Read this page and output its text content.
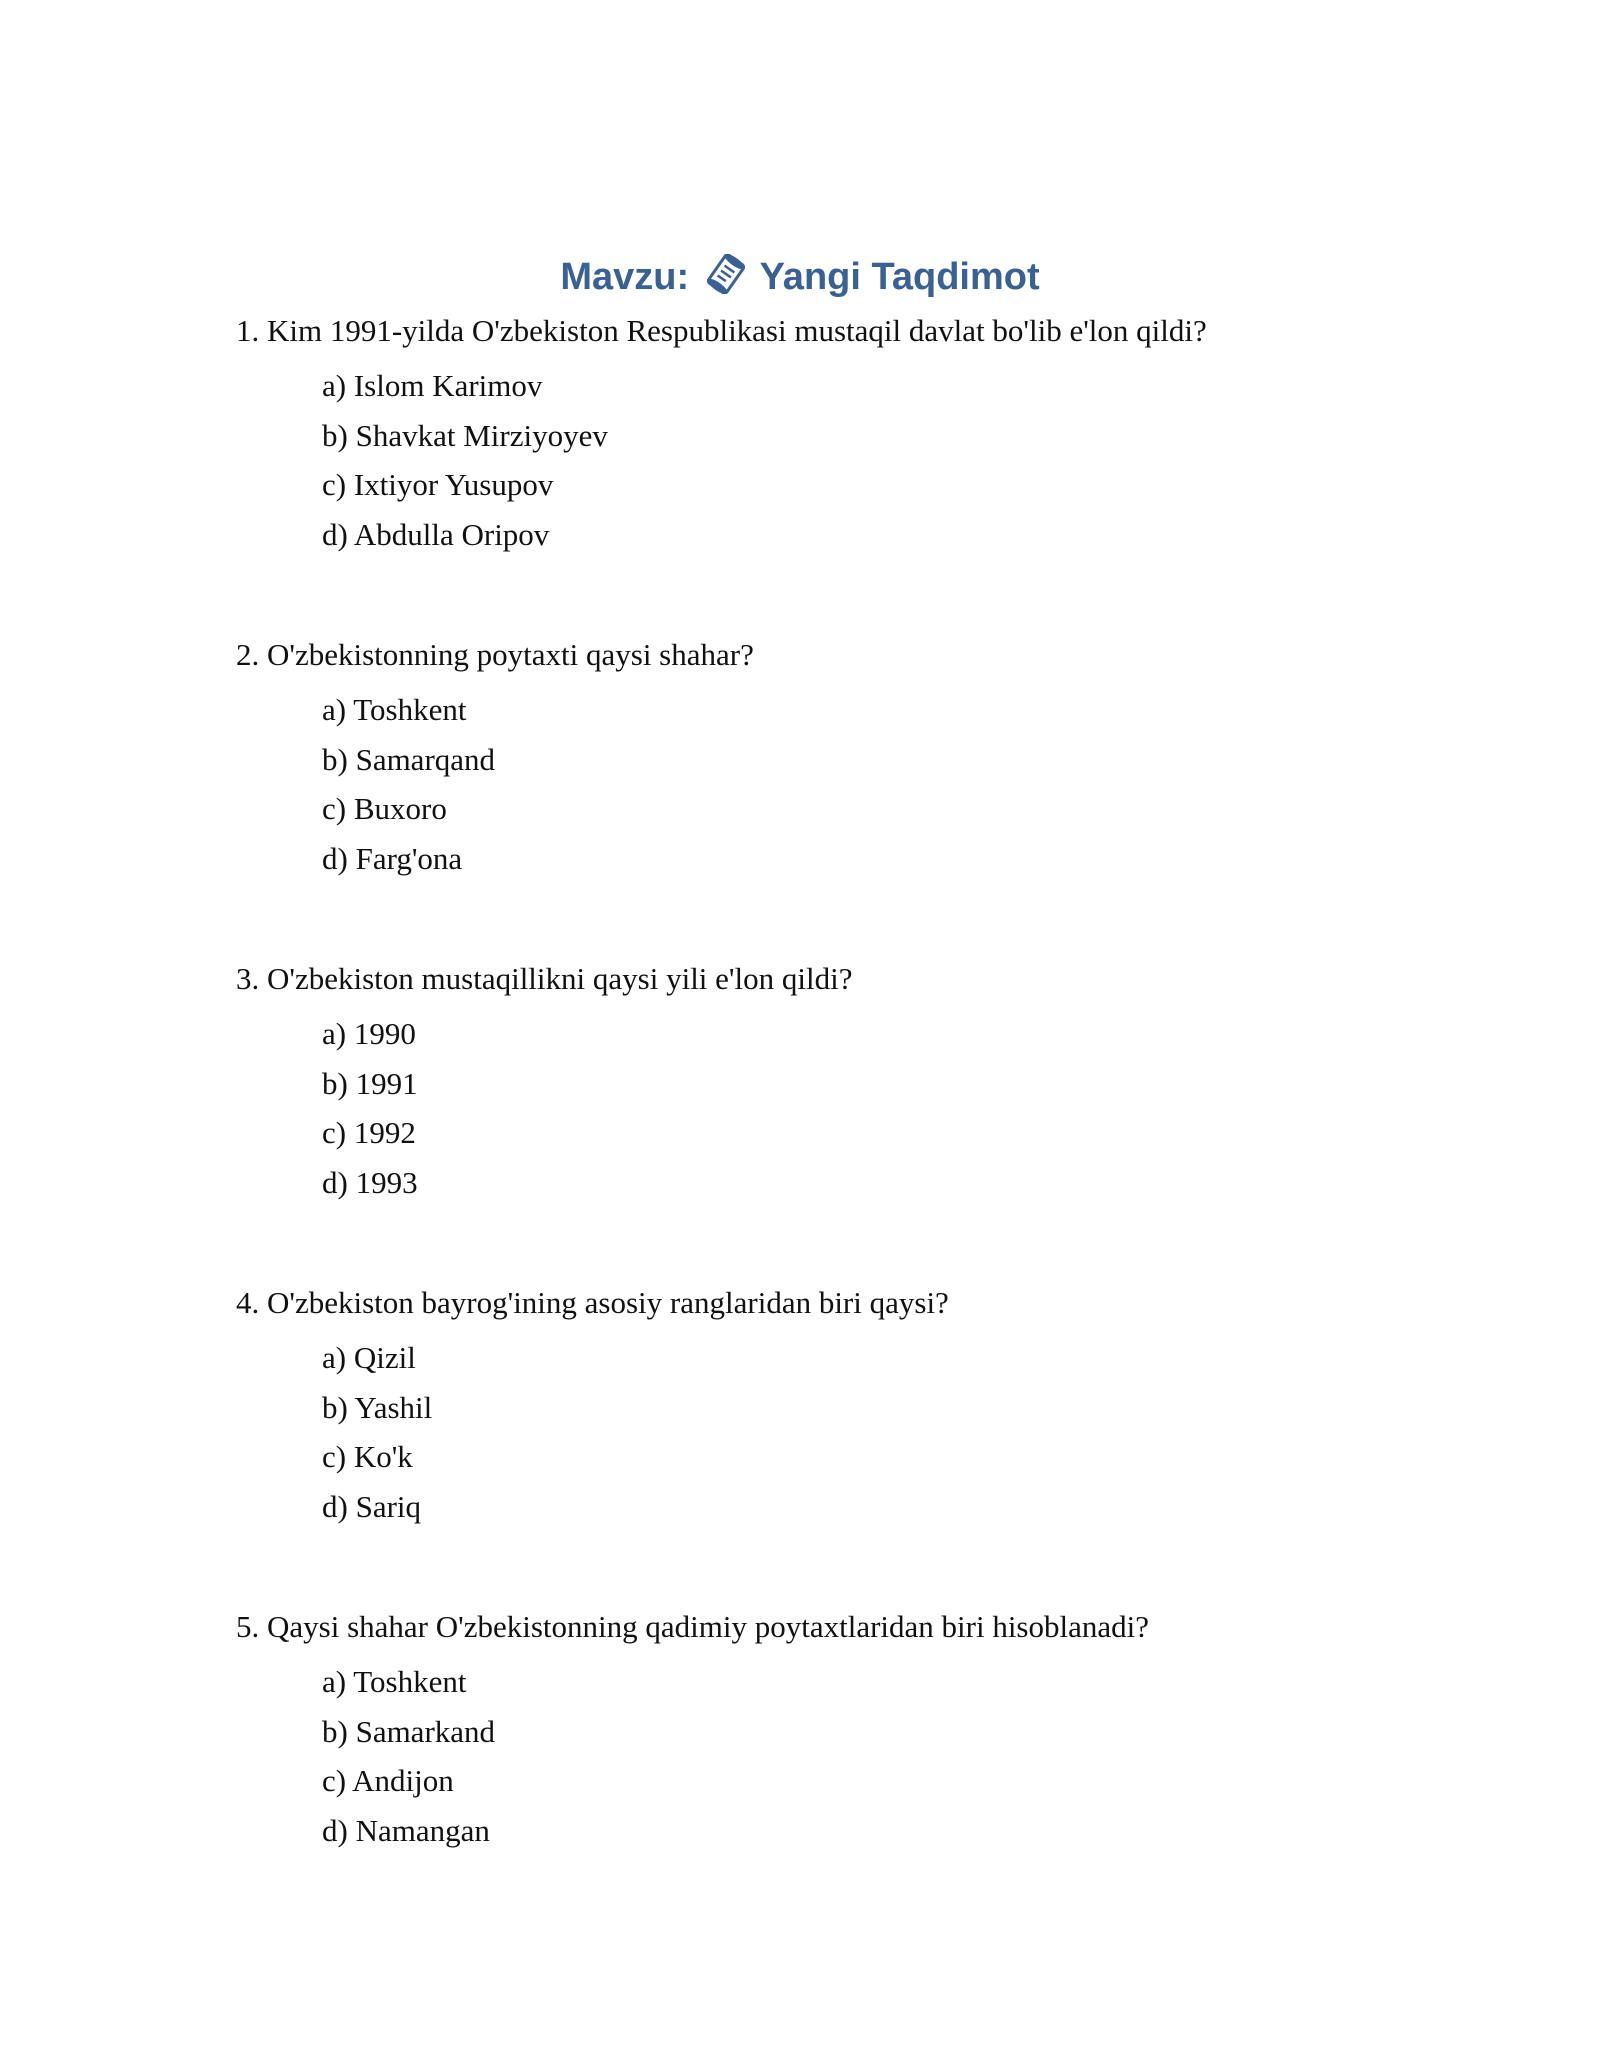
Mavzu: Yangi Taqdimot
1. Kim 1991-yilda O'zbekiston Respublikasi mustaqil davlat bo'lib e'lon qildi?
a) Islom Karimov
b) Shavkat Mirziyoyev
c) Ixtiyor Yusupov
d) Abdulla Oripov
2. O'zbekistonning poytaxti qaysi shahar?
a) Toshkent
b) Samarqand
c) Buxoro
d) Farg'ona
3. O'zbekiston mustaqillikni qaysi yili e'lon qildi?
a) 1990
b) 1991
c) 1992
d) 1993
4. O'zbekiston bayrog'ining asosiy ranglaridan biri qaysi?
a) Qizil
b) Yashil
c) Ko'k
d) Sariq
5. Qaysi shahar O'zbekistonning qadimiy poytaxtlaridan biri hisoblanadi?
a) Toshkent
b) Samarkand
c) Andijon
d) Namangan
